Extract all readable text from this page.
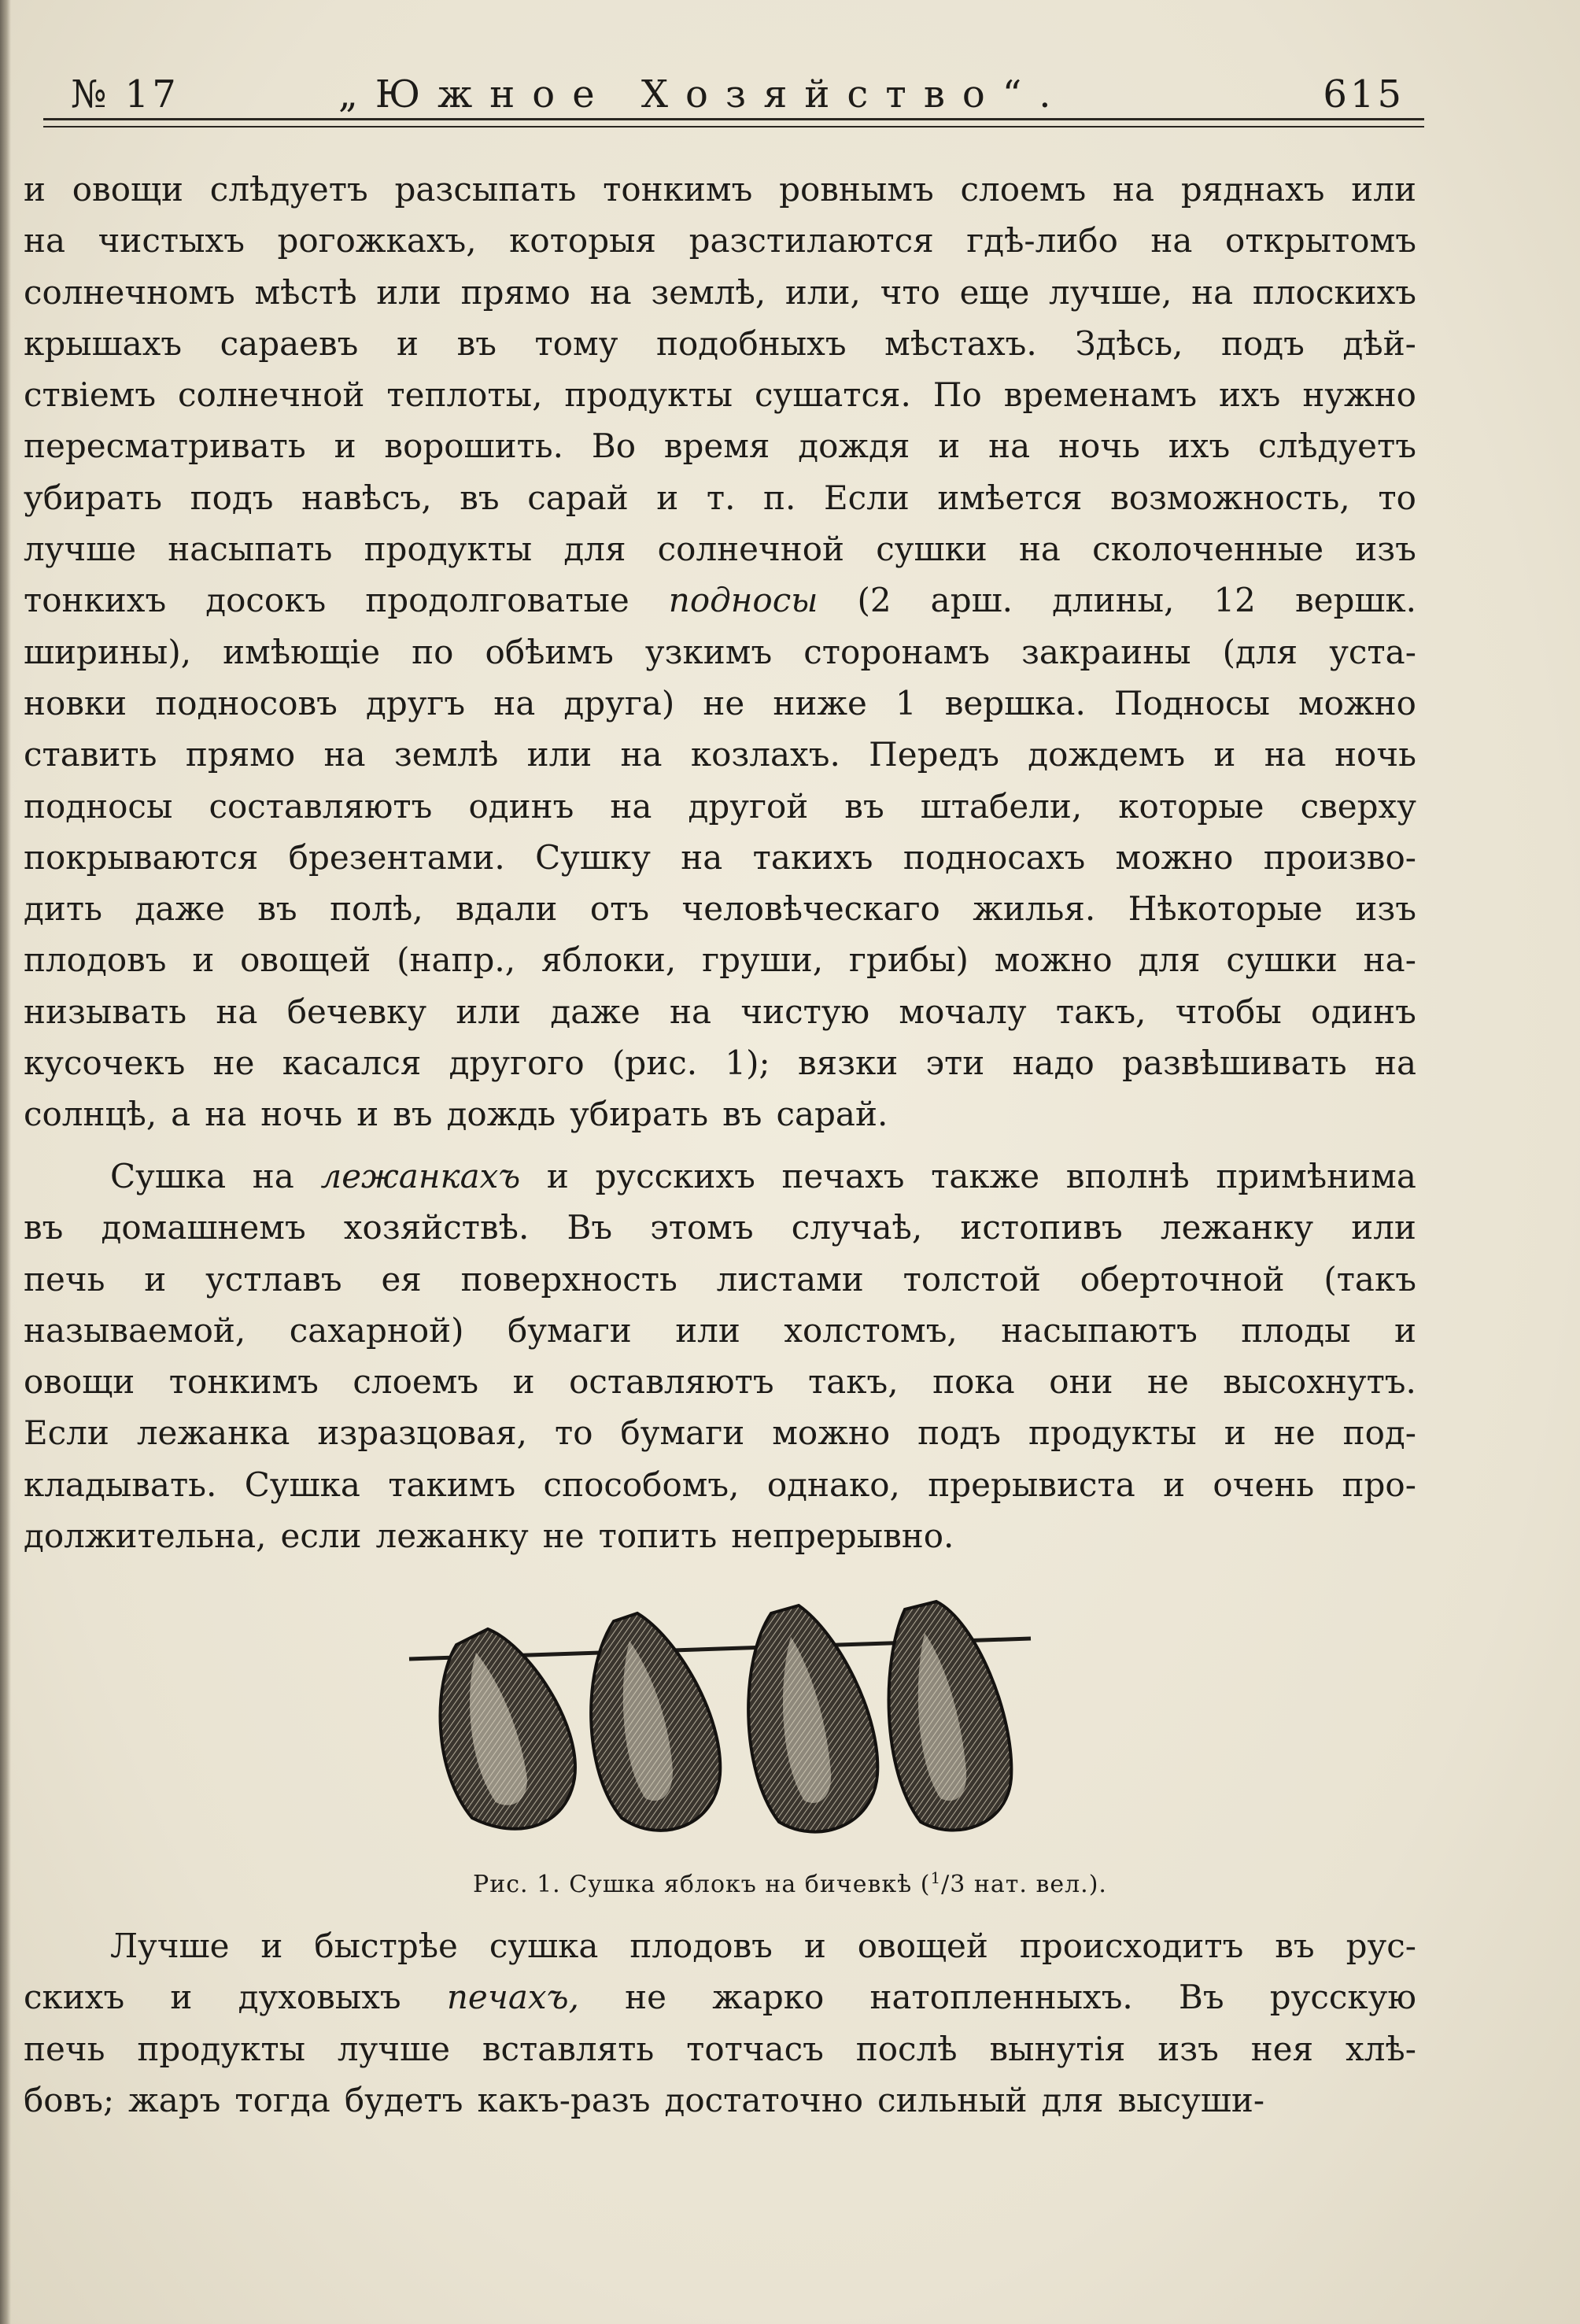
№ 17	„Южное Хозяйство“.	615
и овощи слѣдуетъ разсыпать тонкимъ ровнымъ слоемъ на ряднахъ или
на чистыхъ рогожкахъ, которыя разстилаются гдѣ-либо на открытомъ
солнечномъ мѣстѣ или прямо на землѣ, или, что еще лучше, на плоскихъ
крышахъ сараевъ и въ тому подобныхъ мѣстахъ. Здѣсь, подъ дѣй-
ствіемъ солнечной теплоты, продукты сушатся. По временамъ ихъ нужно
пересматривать и ворошить. Во время дождя и на ночь ихъ слѣдуетъ
убирать подъ навѣсъ, въ сарай и т. п. Если имѣется возможность, то
лучше насыпать продукты для солнечной сушки на сколоченные изъ
тонкихъ досокъ продолговатые подносы (2 арш. длины, 12 вершк.
ширины), имѣющіе по обѣимъ узкимъ сторонамъ закраины (для уста-
новки подносовъ другъ на друга) не ниже 1 вершка. Подносы можно
ставить прямо на землѣ или на козлахъ. Передъ дождемъ и на ночь
подносы составляютъ одинъ на другой въ штабели, которые сверху
покрываются брезентами. Сушку на такихъ подносахъ можно произво-
дить даже въ полѣ, вдали отъ человѣческаго жилья. Нѣкоторые изъ
плодовъ и овощей (напр., яблоки, груши, грибы) можно для сушки на-
низывать на бечевку или даже на чистую мочалу такъ, чтобы одинъ
кусочекъ не касался другого (рис. 1); вязки эти надо развѣшивать на
солнцѣ, а на ночь и въ дождь убирать въ сарай.
Сушка на лежанкахъ и русскихъ печахъ также вполнѣ примѣнима
въ домашнемъ хозяйствѣ. Въ этомъ случаѣ, истопивъ лежанку или
печь и устлавъ ея поверхность листами толстой оберточной (такъ
называемой, сахарной) бумаги или холстомъ, насыпаютъ плоды и
овощи тонкимъ слоемъ и оставляютъ такъ, пока они не высохнутъ.
Если лежанка изразцовая, то бумаги можно подъ продукты и не под-
кладывать. Сушка такимъ способомъ, однако, прерывиста и очень про-
должительна, если лежанку не топить непрерывно.
Рис. 1. Сушка яблокъ на бичевкѣ ($^1$/3 нат. вел.).
Лучше и быстрѣе сушка плодовъ и овощей происходитъ въ рус-
скихъ и духовыхъ печахъ, не жарко натопленныхъ. Въ русскую
печь продукты лучше вставлять тотчасъ послѣ вынутія изъ нея хлѣ-
бовъ; жаръ тогда будетъ какъ-разъ достаточно сильный для высуши-
